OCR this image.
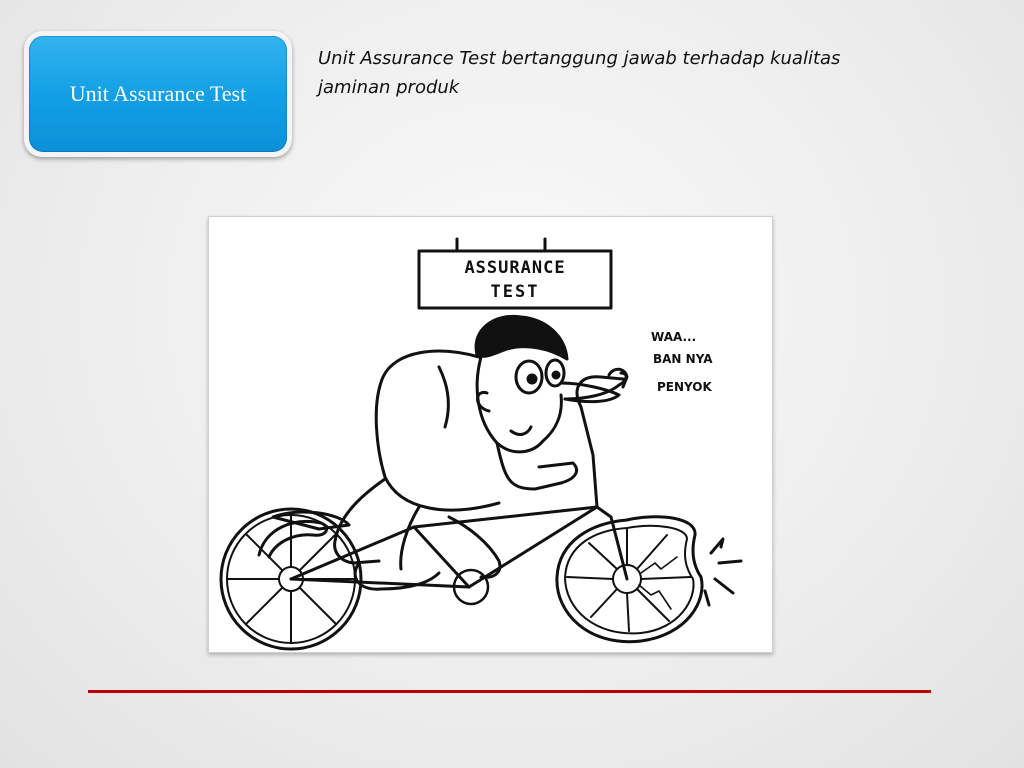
Unit Assurance Test

Unit Assurance Test bertanggung jawab terhadap kualitas jaminan produk

ASSURANCE
TEST
WAA...
BAN NYA
PENYOK
